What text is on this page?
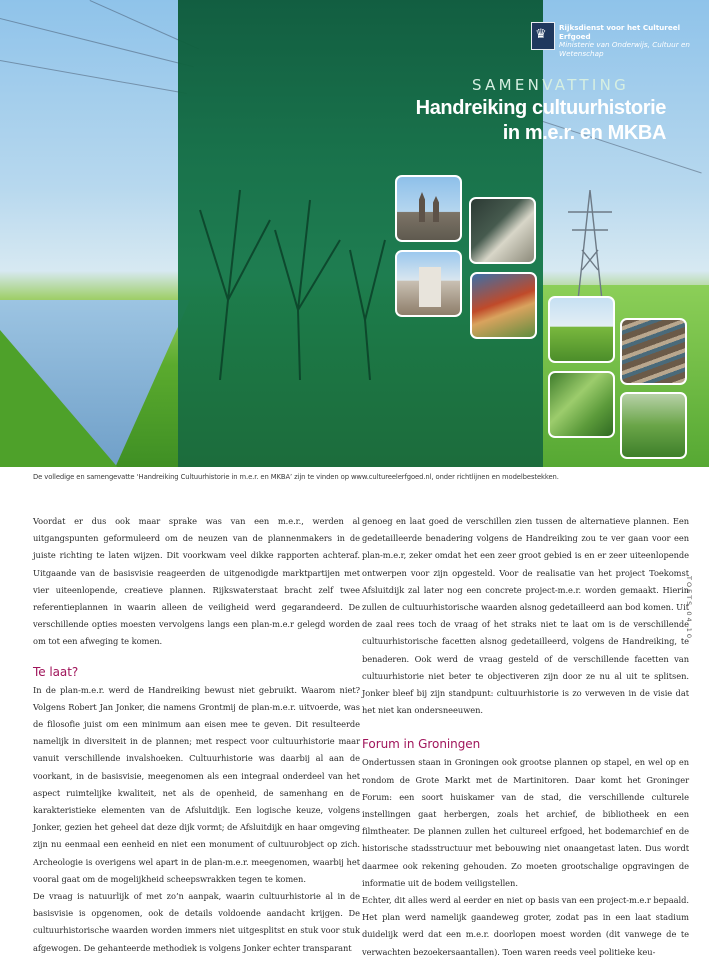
♛ Rijksdienst voor het Cultureel Erfgoed
Ministerie van Onderwijs, Cultuur en
Wetenschap
SAMENVATTING
Handreiking cultuurhistorie
in m.e.r. en MKBA
De volledige en samengevatte ‘Handreiking Cultuurhistorie in m.e.r. en MKBA’ zijn te vinden op www.cultureelerfgoed.nl, onder richtlijnen en modelbestekken.

Voordat er dus ook maar sprake was van een m.e.r., werden al uitgangspunten geformuleerd om de neuzen van de plannenmakers in de juiste richting te laten wijzen. Dit voorkwam veel dikke rapporten achteraf. Uitgaande van de basisvisie reageerden de uitgenodigde marktpartijen met vier uiteenlopende, creatieve plannen. Rijkswaterstaat bracht zelf twee referentieplannen in waarin alleen de veiligheid werd gegarandeerd. De verschillende opties moesten vervolgens langs een plan-m.e.r gelegd worden om tot een afweging te komen.

Te laat?

In de plan-m.e.r. werd de Handreiking bewust niet gebruikt. Waarom niet? Volgens Robert Jan Jonker, die namens Grontmij de plan-m.e.r. uitvoerde, was de filosofie juist om een minimum aan eisen mee te geven. Dit resulteerde namelijk in diversiteit in de plannen; met respect voor cultuurhistorie maar vanuit verschillende invalshoeken. Cultuurhistorie was daarbij al aan de voorkant, in de basisvisie, meegenomen als een integraal onderdeel van het aspect ruimtelijke kwaliteit, net als de openheid, de samenhang en de karakteristieke elementen van de Afsluitdijk. Een logische keuze, volgens Jonker, gezien het geheel dat deze dijk vormt; de Afsluitdijk en haar omgeving zijn nu eenmaal een eenheid en niet een monument of cultuurobject op zich. Archeologie is overigens wel apart in de plan-m.e.r. meegenomen, waarbij het vooral gaat om de mogelijkheid scheepswrakken tegen te komen.

De vraag is natuurlijk of met zo’n aanpak, waarin cultuurhistorie al in de basisvisie is opgenomen, ook de details voldoende aandacht krijgen. De cultuurhistorische waarden worden immers niet uitgesplitst en stuk voor stuk afgewogen. De gehanteerde methodiek is volgens Jonker echter transparant

genoeg en laat goed de verschillen zien tussen de alternatieve plannen. Een gedetailleerde benadering volgens de Handreiking zou te ver gaan voor een plan-m.e.r, zeker omdat het een zeer groot gebied is en er zeer uiteenlopende ontwerpen voor zijn opgesteld. Voor de realisatie van het project Toekomst Afsluitdijk zal later nog een concrete project-m.e.r. worden gemaakt. Hierin zullen de cultuurhistorische waarden alsnog gedetailleerd aan bod komen. Uit de zaal rees toch de vraag of het straks niet te laat om is de verschillende cultuurhistorische facetten alsnog gedetailleerd, volgens de Handreiking, te benaderen. Ook werd de vraag gesteld of de verschillende facetten van cultuurhistorie niet beter te objectiveren zijn door ze nu al uit te splitsen. Jonker bleef bij zijn standpunt: cultuurhistorie is zo verweven in de visie dat het niet kan ondersneeuwen.

Forum in Groningen

Ondertussen staan in Groningen ook grootse plannen op stapel, en wel op en rondom de Grote Markt met de Martinitoren. Daar komt het Groninger Forum: een soort huiskamer van de stad, die verschillende culturele instellingen gaat herbergen, zoals het archief, de bibliotheek en een filmtheater. De plannen zullen het cultureel erfgoed, het bodemarchief en de historische stadsstructuur met bebouwing niet onaangetast laten. Dus wordt daarmee ook rekening gehouden. Zo moeten grootschalige opgravingen de informatie uit de bodem veiligstellen.

Echter, dit alles werd al eerder en niet op basis van een project-m.e.r bepaald. Het plan werd namelijk gaandeweg groter, zodat pas in een laat stadium duidelijk werd dat een m.e.r. doorlopen moest worden (dit vanwege de te verwachten bezoekersaantallen). Toen waren reeds veel politieke keu-

TOETS 04 10
